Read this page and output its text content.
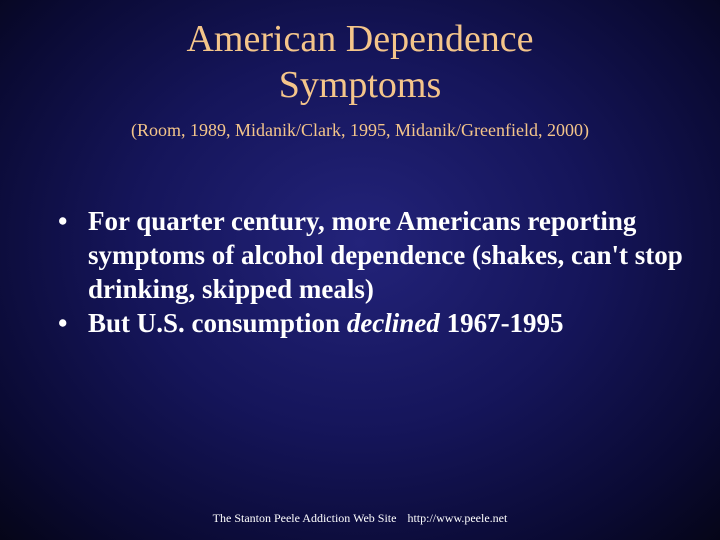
American Dependence
Symptoms
(Room, 1989, Midanik/Clark, 1995, Midanik/Greenfield, 2000)
• For quarter century, more Americans reporting symptoms of alcohol dependence (shakes, can't stop drinking, skipped meals)
• But U.S. consumption declined 1967-1995
The Stanton Peele Addiction Web Site http://www.peele.net
